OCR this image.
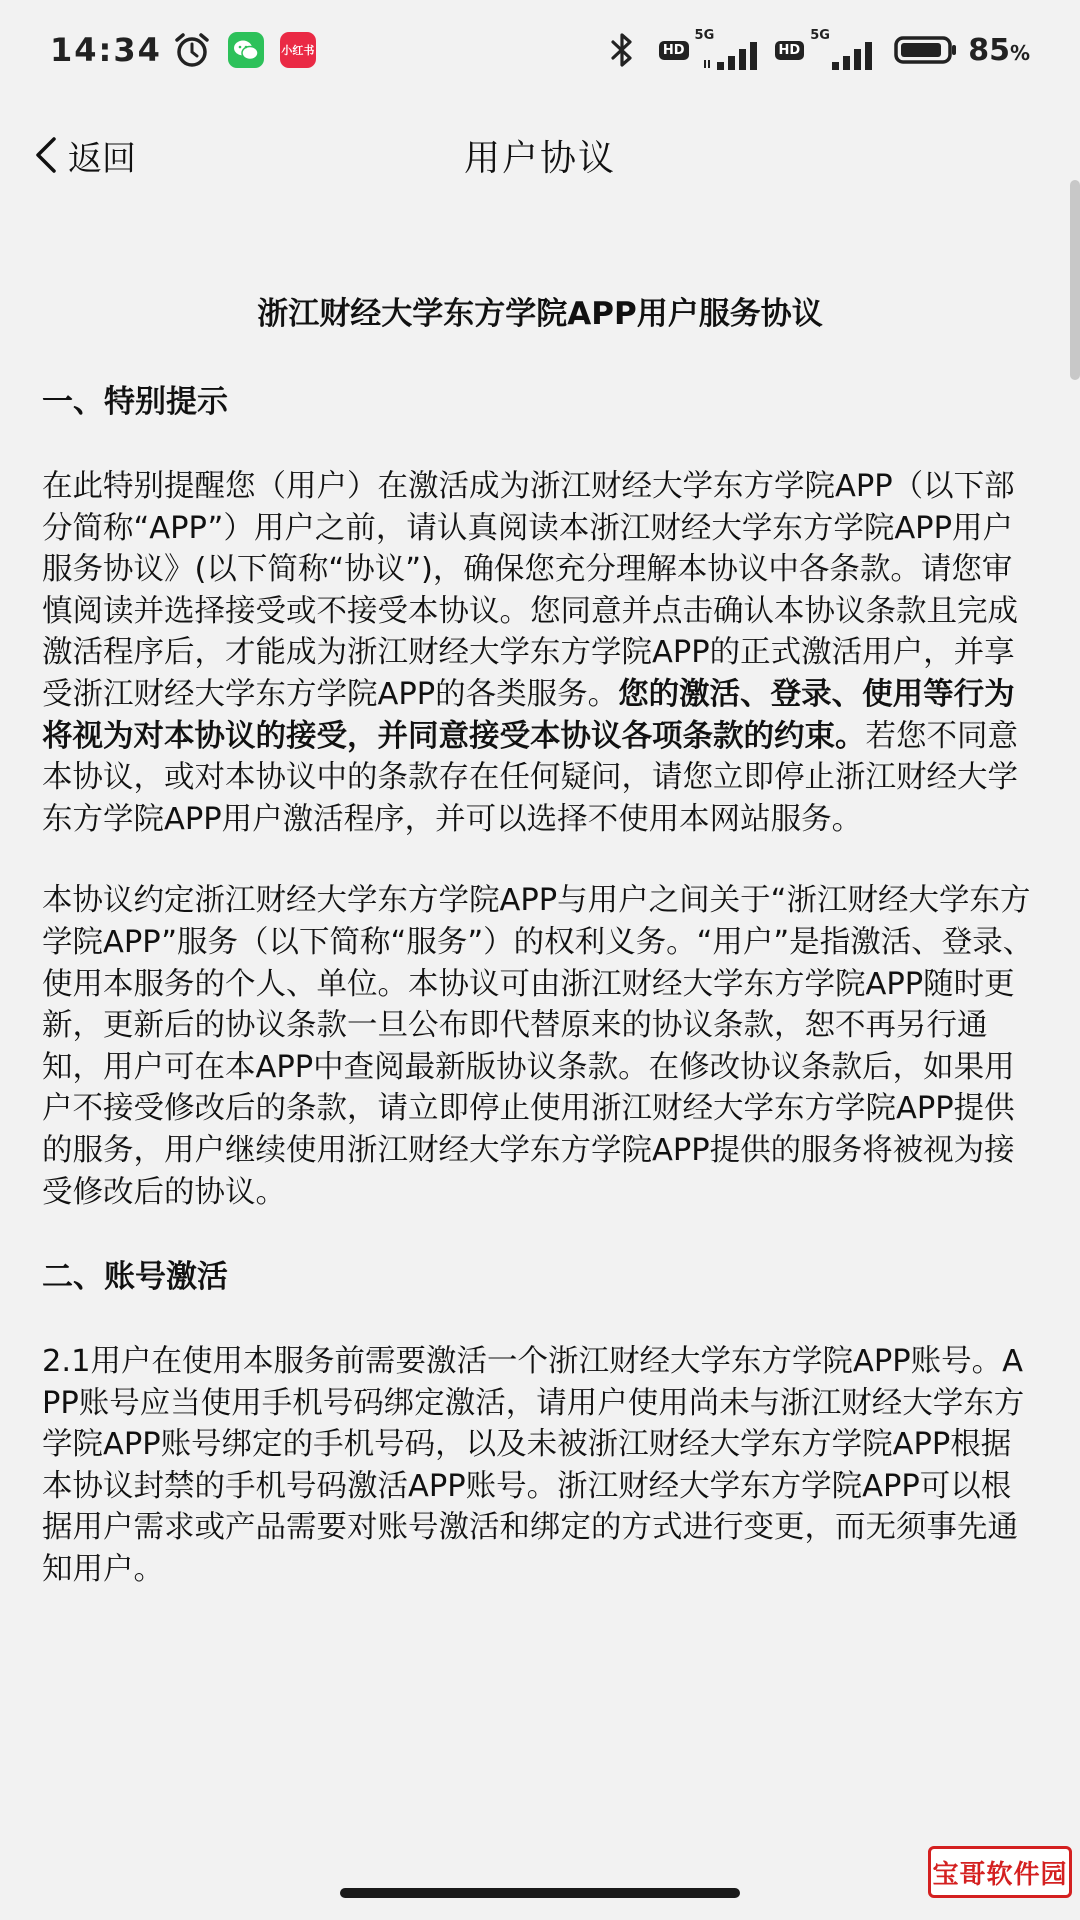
14:34	小红书	HD
5G
HD
5G	85%
返回	用户协议
浙江财经大学东方学院APP用户服务协议
一、特别提示

在此特别提醒您（用户）在激活成为浙江财经大学东方学院APP（以下部分简称“APP”）用户之前，请认真阅读本浙江财经大学东方学院APP用户服务协议》(以下简称“协议”)，确保您充分理解本协议中各条款。请您审慎阅读并选择接受或不接受本协议。您同意并点击确认本协议条款且完成激活程序后，才能成为浙江财经大学东方学院APP的正式激活用户，并享受浙江财经大学东方学院APP的各类服务。您的激活、登录、使用等行为将视为对本协议的接受，并同意接受本协议各项条款的约束。若您不同意本协议，或对本协议中的条款存在任何疑问，请您立即停止浙江财经大学东方学院APP用户激活程序，并可以选择不使用本网站服务。

本协议约定浙江财经大学东方学院APP与用户之间关于“浙江财经大学东方学院APP”服务（以下简称“服务”）的权利义务。“用户”是指激活、登录、使用本服务的个人、单位。本协议可由浙江财经大学东方学院APP随时更新，更新后的协议条款一旦公布即代替原来的协议条款，恕不再另行通知，用户可在本APP中查阅最新版协议条款。在修改协议条款后，如果用户不接受修改后的条款，请立即停止使用浙江财经大学东方学院APP提供的服务，用户继续使用浙江财经大学东方学院APP提供的服务将被视为接受修改后的协议。

二、账号激活

2.1用户在使用本服务前需要激活一个浙江财经大学东方学院APP账号。APP账号应当使用手机号码绑定激活，请用户使用尚未与浙江财经大学东方学院APP账号绑定的手机号码，以及未被浙江财经大学东方学院APP根据本协议封禁的手机号码激活APP账号。浙江财经大学东方学院APP可以根据用户需求或产品需要对账号激活和绑定的方式进行变更，而无须事先通知用户。

宝哥软件园
